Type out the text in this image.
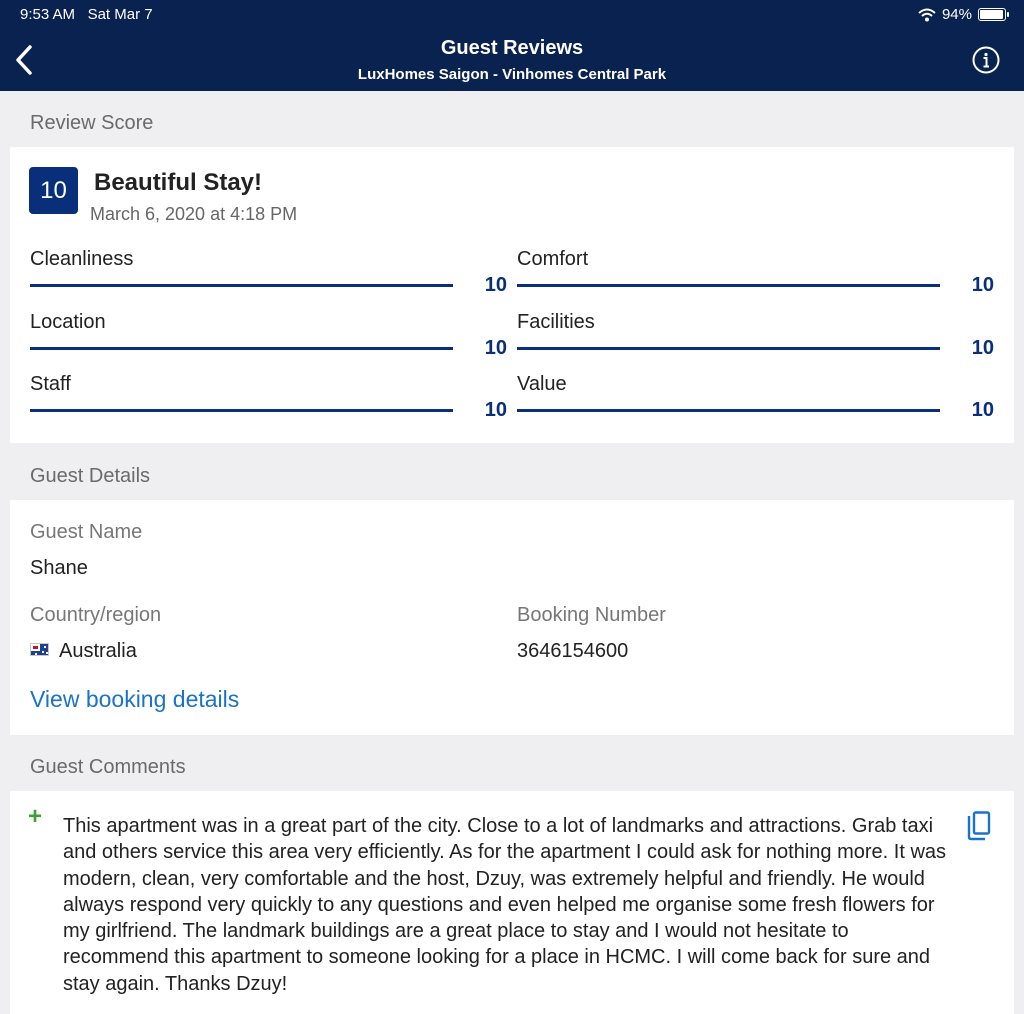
9:53 AM Sat Mar 7	94%
Guest Reviews
LuxHomes Saigon - Vinhomes Central Park
Review Score
10	Beautiful Stay!
March 6, 2020 at 4:18 PM
Cleanliness
10
Comfort
10
Location
10
Facilities
10
Staff
10
Value
10
Guest Details
Guest Name
Shane
Country/region
Australia
Booking Number
3646154600
View booking details
Guest Comments
+ This apartment was in a great part of the city. Close to a lot of landmarks and attractions. Grab taxi and others service this area very efficiently. As for the apartment I could ask for nothing more. It was modern, clean, very comfortable and the host, Dzuy, was extremely helpful and friendly. He would always respond very quickly to any questions and even helped me organise some fresh flowers for my girlfriend. The landmark buildings are a great place to stay and I would not hesitate to recommend this apartment to someone looking for a place in HCMC. I will come back for sure and stay again. Thanks Dzuy!
